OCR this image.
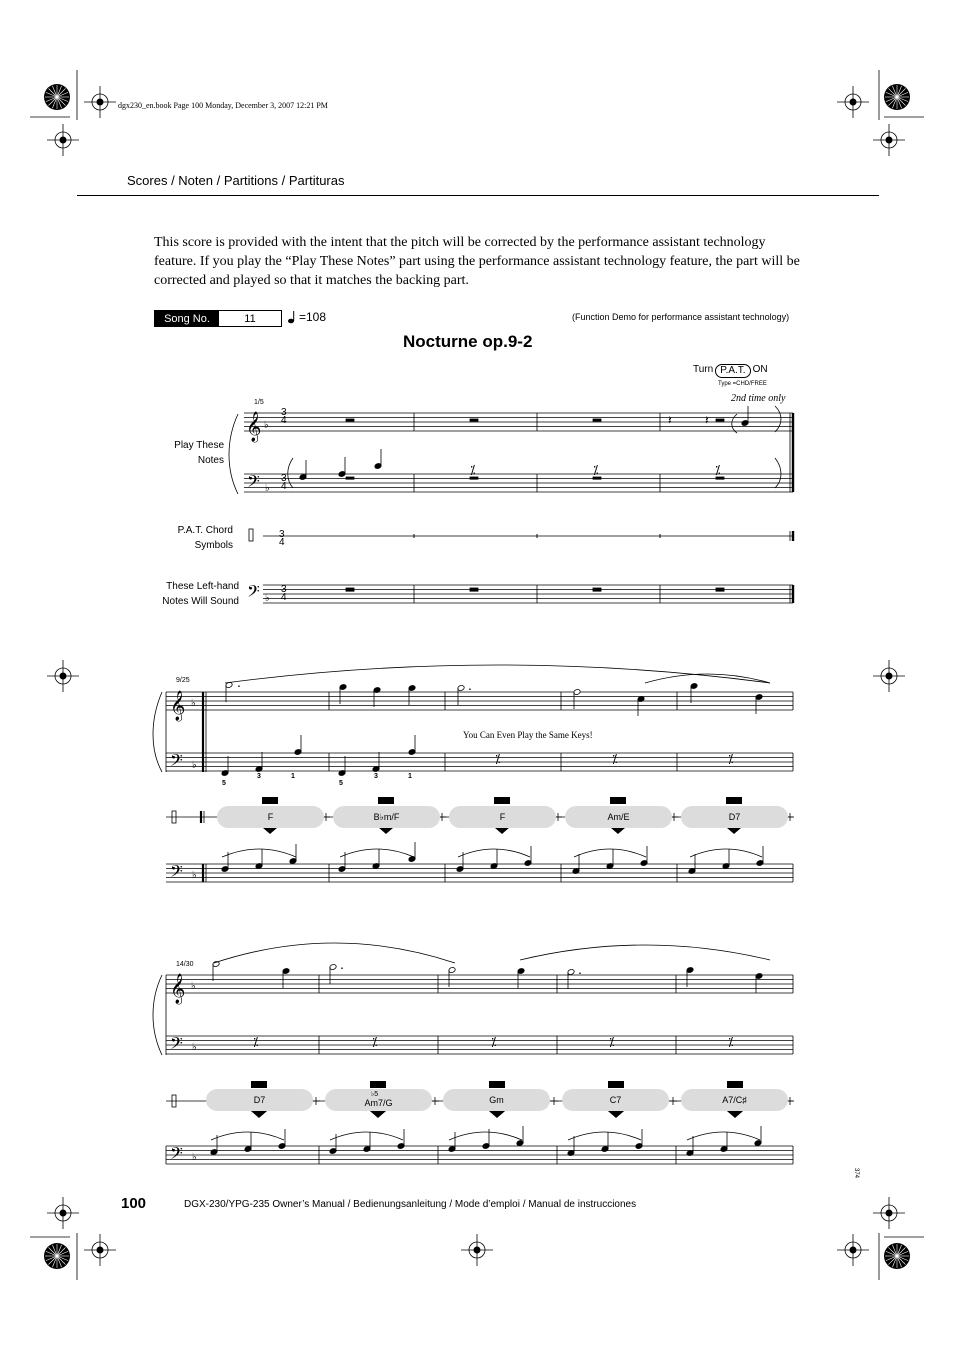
dgx230_en.book Page 100 Monday, December 3, 2007 12:21 PM
Scores / Noten / Partitions / Partituras
This score is provided with the intent that the pitch will be corrected by the performance assistant technology feature. If you play the “Play These Notes” part using the performance assistant technology feature, the part will be corrected and played so that it matches the backing part.
Song No.	11	=108	(Function Demo for performance assistant technology)
Nocturne op.9-2
Turn P.A.T. ON
Type =CHD/FREE
2nd time only
Play These
Notes
P.A.T. Chord
Symbols
These Left-hand
Notes Will Sound
𝄞
𝄢
𝄢
♭
♭
♭
3
4
3
4
3
4
3
4
⁒	⁒	⁒
𝄽	𝄽
𝄞
𝄢
𝄢
♭
♭
♭
.	.
⁒	⁒	⁒
𝄞
𝄢
𝄢
♭
♭
♭
.	.
⁒	⁒	⁒	⁒	⁒
1/5
9/25
You Can Even Play the Same Keys!
5
3	1
5
3	1
F	B♭m/F	F	Am/E	D7
14/30
D7	Am7/G
♭5
Gm	C7	A7/C♯
100	DGX-230/YPG-235 Owner’s Manual / Bedienungsanleitung / Mode d’emploi / Manual de instrucciones
374
